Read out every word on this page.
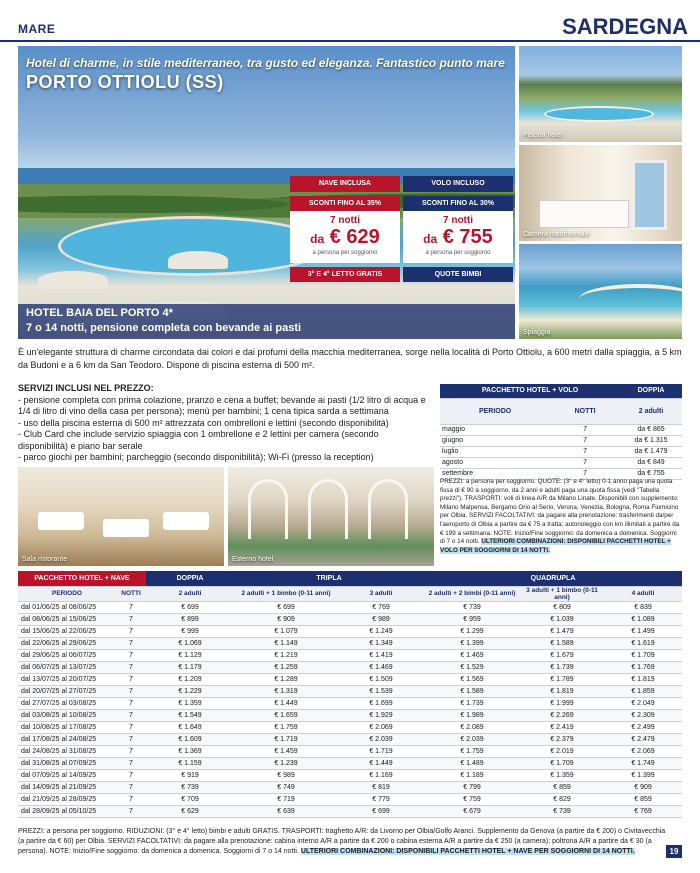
MARE	SARDEGNA
Hotel di charme, in stile mediterraneo, tra gusto ed eleganza. Fantastico punto mare
PORTO OTTIOLU (SS)
NAVE INCLUSA
SCONTI FINO AL 35%
7 notti
da € 629
a persona per soggiorno
3° E 4° LETTO GRATIS
VOLO INCLUSO
SCONTI FINO AL 30%
7 notti
da € 755
a persona per soggiorno
QUOTE BIMBI
HOTEL BAIA DEL PORTO 4*
7 o 14 notti, pensione completa con bevande ai pasti
Piscina hotel
Camera matrimoniale
Spiaggia
È un'elegante struttura di charme circondata dai colori e dai profumi della macchia mediterranea, sorge nella località di Porto Ottiolu, a 600 metri dalla spiaggia, a 5 km da Budoni e a 6 km da San Teodoro. Dispone di piscina esterna di 500 m².
SERVIZI INCLUSI NEL PREZZO:
- pensione completa con prima colazione, pranzo e cena a buffet; bevande ai pasti (1/2 litro di acqua e 1/4 di litro di vino della casa per persona); menù per bambini; 1 cena tipica sarda a settimana
- uso della piscina esterna di 500 m² attrezzata con ombrelloni e lettini (secondo disponibilità)
- Club Card che include servizio spiaggia con 1 ombrellone e 2 lettini per camera (secondo disponibilità) e piano bar serale
- parco giochi per bambini; parcheggio (secondo disponibilità); Wi-Fi (presso la reception)
PACCHETTO HOTEL + VOLO		DOPPIA
PERIODO	NOTTI	2 adulti
maggio	7	da € 865
giugno	7	da € 1.315
luglio	7	da € 1.479
agosto	7	da € 849
settembre	7	da € 755
PREZZI: a persona per soggiorno. QUOTE: (3° e 4° letto) 0-1 anno paga una quota fissa di € 90 a soggiorno, da 2 anni e adulti paga una quota fissa (vedi "Tabella prezzi"). TRASPORTI: voli di linea A/R da Milano Linate. Disponibili con supplemento: Milano Malpensa, Bergamo Orio al Serio, Verona, Venezia, Bologna, Roma Fiumicino per Olbia. SERVIZI FACOLTATIVI: da pagare alla prenotazione: trasferimenti da/per l'aeroporto di Olbia a partire da € 75 a tratta; autonoleggio con km illimitati a partire da € 199 a settimana. NOTE: Inizio/Fine soggiorno: da domenica a domenica. Soggiorni di 7 o 14 notti. ULTERIORI COMBINAZIONI: DISPONIBILI PACCHETTI HOTEL + VOLO PER SOGGIORNI DI 14 NOTTI.
Sala ristorante	Esterno hotel
PACCHETTO HOTEL + NAVE		DOPPIA	TRIPLA		QUADRUPLA		
PERIODO	NOTTI	2 adulti	2 adulti + 1 bimbo (0-11 anni)	3 adulti	2 adulti + 2 bimbi (0-11 anni)	3 adulti + 1 bimbo (0-11 anni)	4 adulti
dal 01/06/25 al 08/06/25	7	€ 699	€ 699	€ 769	€ 739	€ 809	€ 839
dal 08/06/25 al 15/06/25	7	€ 899	€ 909	€ 989	€ 959	€ 1.039	€ 1.089
dal 15/06/25 al 22/06/25	7	€ 999	€ 1.079	€ 1.249	€ 1.299	€ 1.479	€ 1.499
dal 22/06/25 al 29/06/25	7	€ 1.069	€ 1.149	€ 1.349	€ 1.399	€ 1.589	€ 1.619
dal 29/06/25 al 06/07/25	7	€ 1.129	€ 1.219	€ 1.419	€ 1.469	€ 1.679	€ 1.709
dal 06/07/25 al 13/07/25	7	€ 1.179	€ 1.259	€ 1.469	€ 1.529	€ 1.739	€ 1.769
dal 13/07/25 al 20/07/25	7	€ 1.209	€ 1.289	€ 1.509	€ 1.569	€ 1.789	€ 1.819
dal 20/07/25 al 27/07/25	7	€ 1.229	€ 1.319	€ 1.539	€ 1.589	€ 1.819	€ 1.859
dal 27/07/25 al 03/08/25	7	€ 1.359	€ 1.449	€ 1.699	€ 1.739	€ 1.999	€ 2.049
dal 03/08/25 al 10/08/25	7	€ 1.549	€ 1.659	€ 1.929	€ 1.989	€ 2.269	€ 2.309
dal 10/08/25 al 17/08/25	7	€ 1.649	€ 1.759	€ 2.069	€ 2.089	€ 2.419	€ 2.499
dal 17/08/25 al 24/08/25	7	€ 1.609	€ 1.719	€ 2.039	€ 2.039	€ 2.379	€ 2.479
dal 24/08/25 al 31/08/25	7	€ 1.369	€ 1.459	€ 1.719	€ 1.759	€ 2.019	€ 2.069
dal 31/08/25 al 07/09/25	7	€ 1.159	€ 1.239	€ 1.449	€ 1.489	€ 1.709	€ 1.749
dal 07/09/25 al 14/09/25	7	€ 919	€ 989	€ 1.169	€ 1.189	€ 1.359	€ 1.399
dal 14/09/25 al 21/09/25	7	€ 739	€ 749	€ 819	€ 799	€ 859	€ 909
dal 21/09/25 al 28/09/25	7	€ 709	€ 719	€ 779	€ 759	€ 829	€ 859
dal 28/09/25 al 05/10/25	7	€ 629	€ 639	€ 699	€ 679	€ 739	€ 769
PREZZI: a persona per soggiorno. RIDUZIONI: (3° e 4° letto) bimbi e adulti GRATIS. TRASPORTI: traghetto A/R: da Livorno per Olbia/Golfo Aranci. Supplemento da Genova (a partire da € 200) o Civitavecchia (a partire da € 60) per Olbia. SERVIZI FACOLTATIVI: da pagare alla prenotazione: cabina interno A/R a partire da € 200 o cabina esterna A/R a partire da € 250 (a camera); poltrona A/R a partire da € 30 (a persona). NOTE: Inizio/Fine soggiorno: da domenica a domenica. Soggiorni di 7 o 14 notti. ULTERIORI COMBINAZIONI: DISPONIBILI PACCHETTI HOTEL + NAVE PER SOGGIORNI DI 14 NOTTI.	19
